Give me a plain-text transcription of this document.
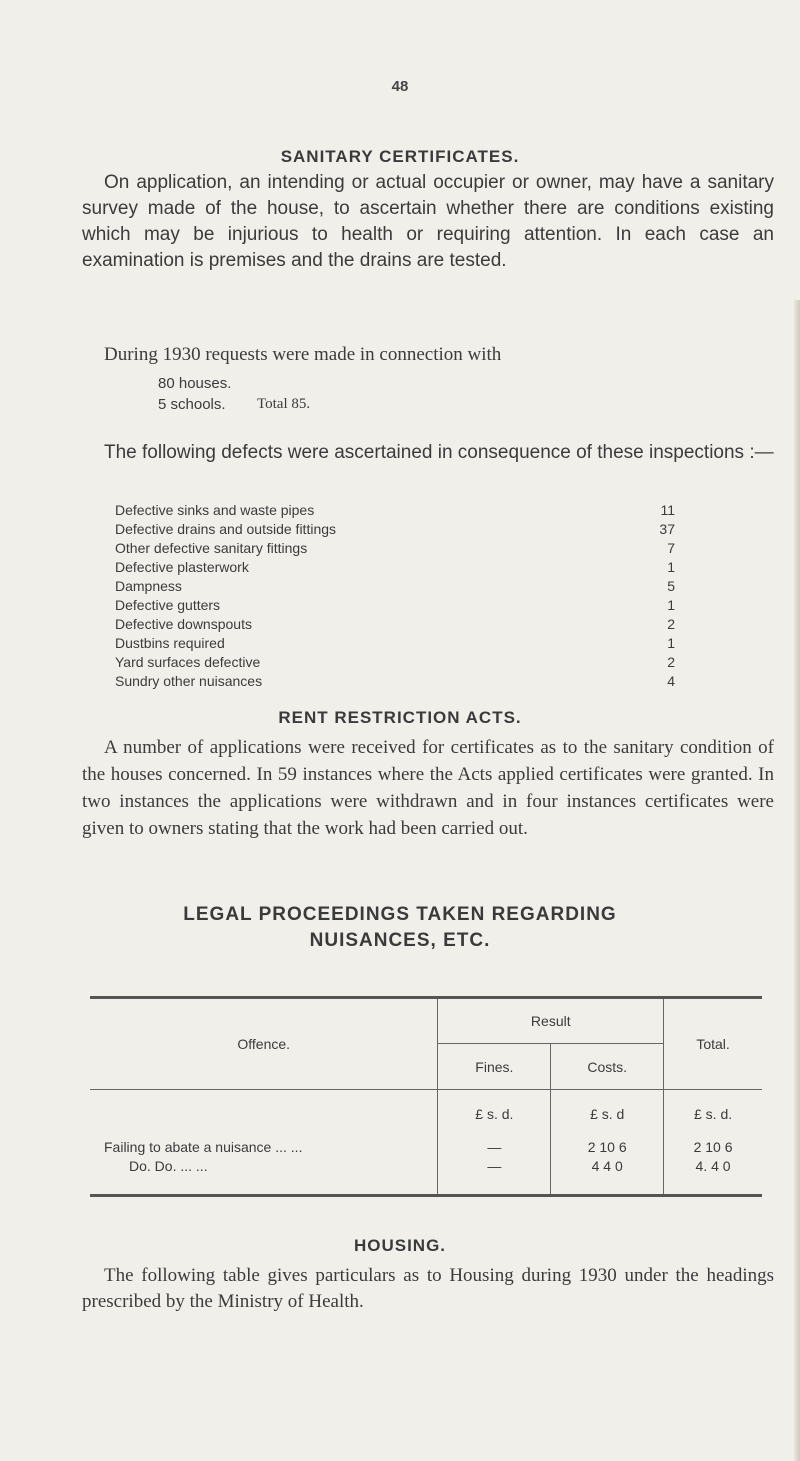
48
SANITARY CERTIFICATES.
On application, an intending or actual occupier or owner, may have a sanitary survey made of the house, to ascertain whether there are conditions existing which may be injurious to health or requiring attention. In each case an examination is premises and the drains are tested.
During 1930 requests were made in connection with
80 houses.
5 schools. Total 85.
The following defects were ascertained in consequence of these inspections :—
Defective sinks and waste pipes	11
Defective drains and outside fittings	37
Other defective sanitary fittings	7
Defective plasterwork	1
Dampness	5
Defective gutters	1
Defective downspouts	2
Dustbins required	1
Yard surfaces defective	2
Sundry other nuisances	4
RENT RESTRICTION ACTS.
A number of applications were received for certificates as to the sanitary condition of the houses concerned. In 59 instances where the Acts applied certificates were granted. In two instances the applications were withdrawn and in four instances certificates were given to owners stating that the work had been carried out.
LEGAL PROCEEDINGS TAKEN REGARDING
NUISANCES, ETC.
Offence.	Result		Total.
	Fines.	Costs.	
	£ s. d.	£ s. d	£ s. d.
Failing to abate a nuisance ... ...	—	2 10 6	2 10 6
Do. Do. ... ...	—	4 4 0	4. 4 0

HOUSING.
The following table gives particulars as to Housing during 1930 under the headings prescribed by the Ministry of Health.
